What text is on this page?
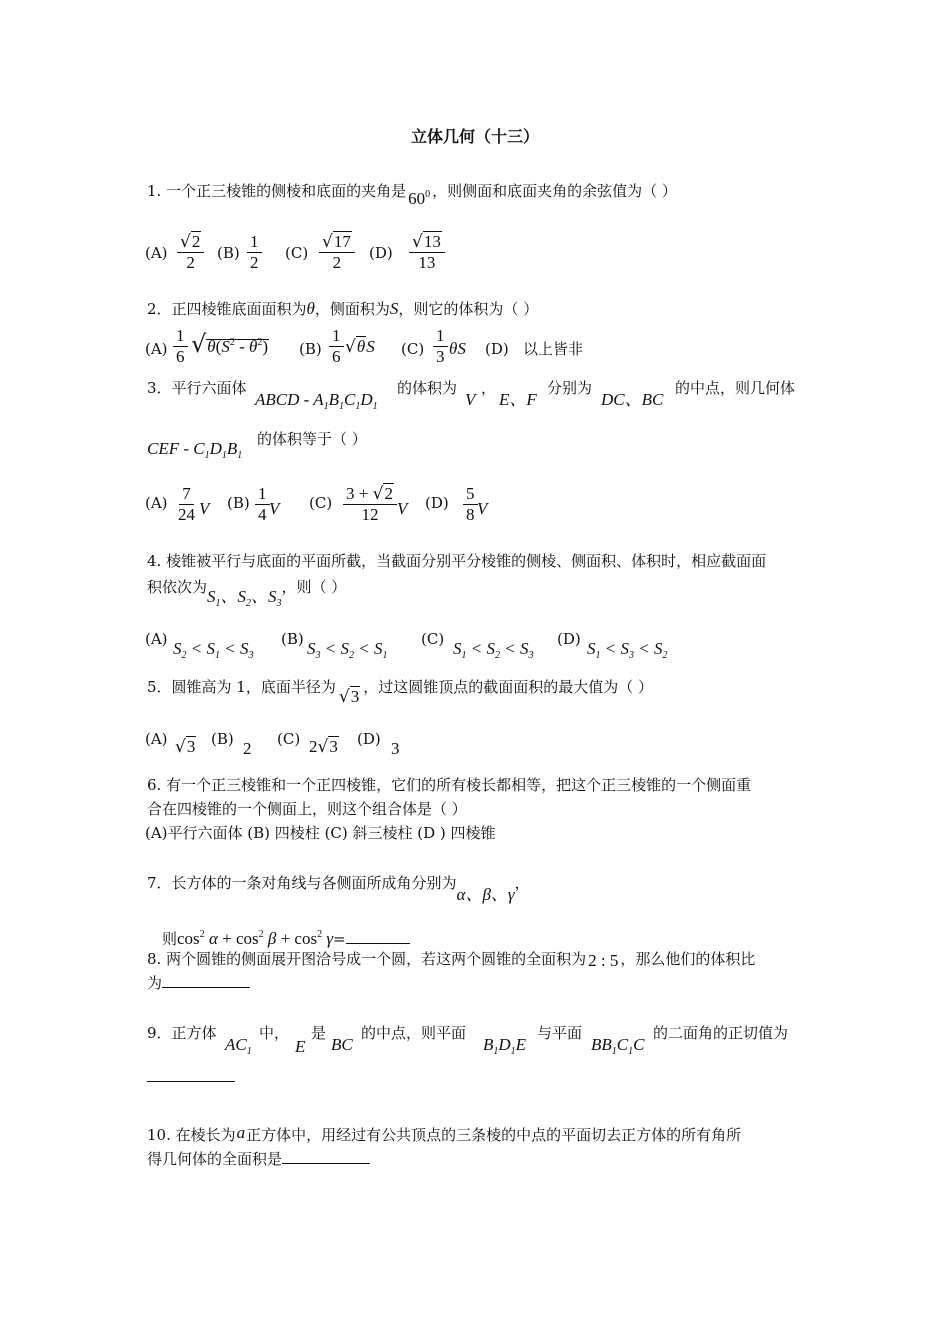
立体几何（十三）
1. 一个正三棱锥的侧棱和底面的夹角是 $60^0$ ，则侧面和底面夹角的余弦值为（ ）
$(A) \frac{√2}{2} (B) \frac{1}{2} (C) \frac{√17}{2} (D) \frac{√13}{13}$
2．正四棱锥底面面积为θ，侧面积为S，则它的体积为（ ）
$(A) \frac{1}{6} √\theta(S^2 - \theta^2)$ $(B) \frac{1}{6} √\theta S$ $(C) \frac{1}{3}$ θS (D) 以上皆非
3．平行六面体
ABCD - $A_1B_1C_1D_1$
的体积为
V
，
E、F
分别为
DC、BC
的中点，则几何体
CEF - $C_1D_1B_1$
的体积等于（ ）
$(A) \frac{7}{24}$ V $(B) \frac{1}{4}$ V $(C) \frac{3 + √2}{12}$ V $(D) \frac{5}{8}$ V
4. 棱锥被平行与底面的平面所截，当截面分别平分棱锥的侧棱、侧面积、体积时，相应截面面
积依次为$S_1$、$S_2$、$S_3$，则（ ）
(A) $S_2 < S_1 < S_3$
(B) $S_3 < S_2 < S_1$
(C) $S_1 < S_2 < S_3$
(D) $S_1 < S_3 < S_2$
5．圆锥高为 1，底面半径为 √3 ，过这圆锥顶点的截面面积的最大值为（ ）
(A) √3 (B) 2 (C) 2√3 (D) 3
6. 有一个正三棱锥和一个正四棱锥，它们的所有棱长都相等，把这个正三棱锥的一个侧面重
合在四棱锥的一个侧面上，则这个组合体是（ ）
(A)平行六面体 (B) 四棱柱 (C) 斜三棱柱 (D ) 四棱锥
7．长方体的一条对角线与各侧面所成角分别为α、β、γ，
则$\cos^2 \alpha + \cos^2 \beta + \cos^2 \gamma=$
8. 两个圆锥的侧面展开图洽号成一个圆，若这两个圆锥的全面积为 2 : 5 ，那么他们的体积比
为
9．正方体
$AC_1$
中，
E
是
BC
的中点，则平面
$B_1D_1E$
与平面
$BB_1C_1C$
的二面角的正切值为
10. 在棱长为a正方体中，用经过有公共顶点的三条棱的中点的平面切去正方体的所有角所
得几何体的全面积是
